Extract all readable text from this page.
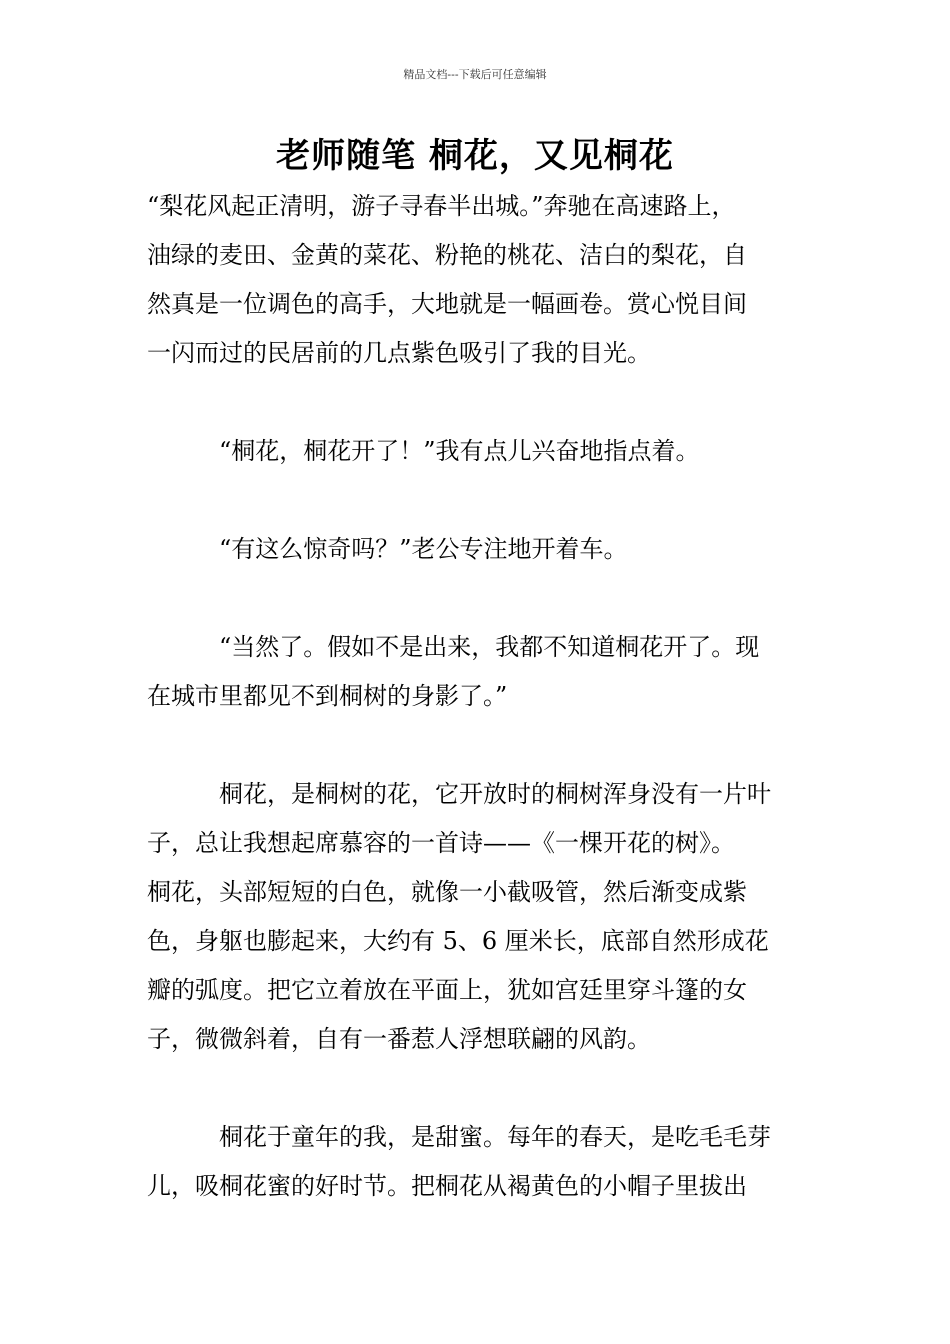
精品文档---下载后可任意编辑
老师随笔 桐花，又见桐花

“梨花风起正清明，游子寻春半出城。”奔驰在高速路上，
油绿的麦田、金黄的菜花、粉艳的桃花、洁白的梨花，自
然真是一位调色的高手，大地就是一幅画卷。赏心悦目间
一闪而过的民居前的几点紫色吸引了我的目光。

“桐花，桐花开了！”我有点儿兴奋地指点着。

“有这么惊奇吗？”老公专注地开着车。

“当然了。假如不是出来，我都不知道桐花开了。现
在城市里都见不到桐树的身影了。”

桐花，是桐树的花，它开放时的桐树浑身没有一片叶
子，总让我想起席慕容的一首诗——《一棵开花的树》。
桐花，头部短短的白色，就像一小截吸管，然后渐变成紫
色，身躯也膨起来，大约有 5、6 厘米长，底部自然形成花
瓣的弧度。把它立着放在平面上，犹如宫廷里穿斗篷的女
子，微微斜着，自有一番惹人浮想联翩的风韵。

桐花于童年的我，是甜蜜。每年的春天，是吃毛毛芽
儿，吸桐花蜜的好时节。把桐花从褐黄色的小帽子里拔出
